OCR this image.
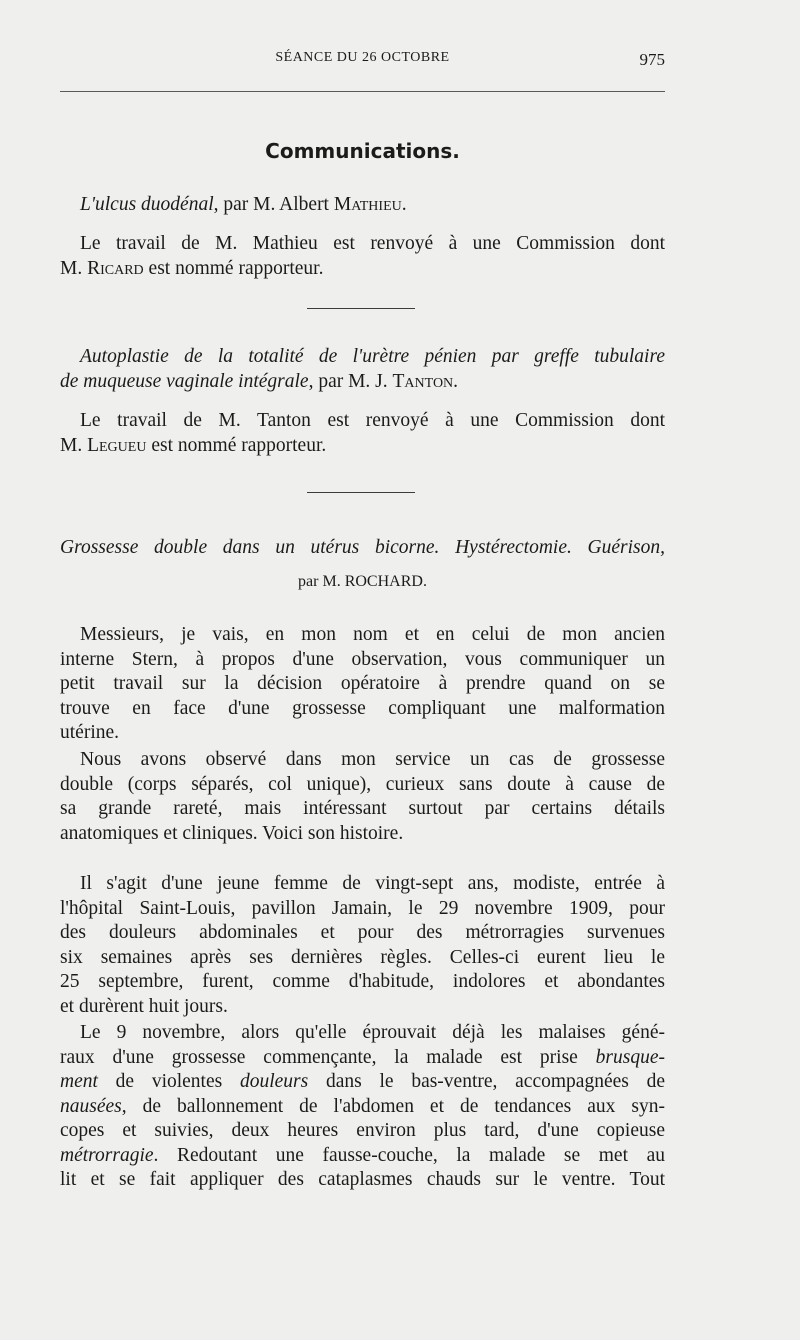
SÉANCE DU 26 OCTOBRE	975
Communications.

L'ulcus duodénal, par M. Albert Mathieu.

Le travail de M. Mathieu est renvoyé à une Commission dont
M. Ricard est nommé rapporteur.

Autoplastie de la totalité de l'urètre pénien par greffe tubulaire
de muqueuse vaginale intégrale, par M. J. Tanton.

Le travail de M. Tanton est renvoyé à une Commission dont
M. Legueu est nommé rapporteur.

Grossesse double dans un utérus bicorne. Hystérectomie. Guérison,

par M. ROCHARD.

Messieurs, je vais, en mon nom et en celui de mon ancien
interne Stern, à propos d'une observation, vous communiquer un
petit travail sur la décision opératoire à prendre quand on se
trouve en face d'une grossesse compliquant une malformation
utérine.

Nous avons observé dans mon service un cas de grossesse
double (corps séparés, col unique), curieux sans doute à cause de
sa grande rareté, mais intéressant surtout par certains détails
anatomiques et cliniques. Voici son histoire.

Il s'agit d'une jeune femme de vingt-sept ans, modiste, entrée à
l'hôpital Saint-Louis, pavillon Jamain, le 29 novembre 1909, pour
des douleurs abdominales et pour des métrorragies survenues
six semaines après ses dernières règles. Celles-ci eurent lieu le
25 septembre, furent, comme d'habitude, indolores et abondantes
et durèrent huit jours.

Le 9 novembre, alors qu'elle éprouvait déjà les malaises géné-
raux d'une grossesse commençante, la malade est prise brusque-
ment de violentes douleurs dans le bas-ventre, accompagnées de
nausées, de ballonnement de l'abdomen et de tendances aux syn-
copes et suivies, deux heures environ plus tard, d'une copieuse
métrorragie. Redoutant une fausse-couche, la malade se met au
lit et se fait appliquer des cataplasmes chauds sur le ventre. Tout
